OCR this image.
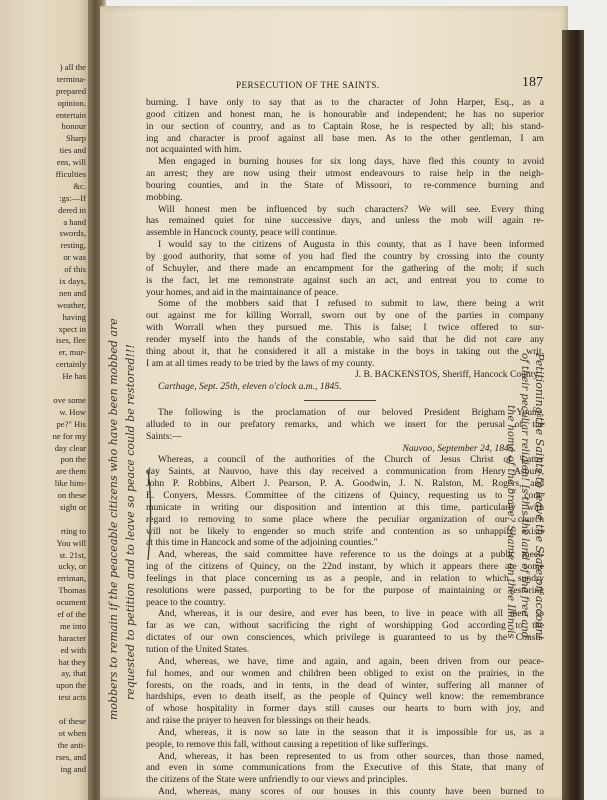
) all the
termina-
prepared
opinion.
entertain
honour
Sharp
ties and
ens, will
fficulties
&c.
:gs:—If
dered in
a hand
swords,
resting,
or was
of this
ix days,
nen and
weather,
having
xpect in
ises, flee
er, mur-
certainly
He has
ove some
w. How
pe?" His
ne for my
day clear
pon the
are them
like him-
on these
sight or
rting to
You will
st. 21st,
ucky, or
erriman,
Thomas
ocument
ef of the
me into
haracter
ed with
hat they
ay, that
upon the
test acts
of these
ot when
the anti-
rses, and
ing and
PERSECUTION OF THE SAINTS.	187
burning. I have only to say that as to the character of John Harper, Esq., as a
good citizen and honest man, he is honourable and independent; he has no superior
in our section of country, and as to Captain Rose, he is respected by all; his stand-
ing and character is proof against all base men. As to the other gentleman, I am
not acquainted with him.
Men engaged in burning houses for six long days, have fled this county to avoid
an arrest; they are now using their utmost endeavours to raise help in the neigh-
bouring counties, and in the State of Missouri, to re-commence burning and
mobbing.
Will honest men be influenced by such characters? We will see. Every thing
has remained quiet for nine successive days, and unless the mob will again re-
assemble in Hancock county, peace will continue.
I would say to the citizens of Augusta in this county, that as I have been informed
by good authority, that some of you had fled the country by crossing into the county
of Schuyler, and there made an encampment for the gathering of the mob; if such
is the fact, let me remonstrate against such an act, and entreat you to come to
your homes, and aid in the maintainance of peace.
Some of the mobbers said that I refused to submit to law, there being a writ
out against me for killing Worrall, sworn out by one of the parties in company
with Worrall when they pursued me. This is false; I twice offered to sur-
render myself into the hands of the constable, who said that he did not care any
thing about it, that he considered it all a mistake in the boys in taking out the writ.
I am at all times ready to be tried by the laws of my county.
J. B. BACKENSTOS, Sheriff, Hancock County.
Carthage, Sept. 25th, eleven o'clock a.m., 1845.
The following is the proclamation of our beloved President Brigham Young,
alluded to in our prefatory remarks, and which we insert for the perusal of the
Saints:—
Nauvoo, September 24, 1845.
Whereas, a council of the authorities of the Church of Jesus Christ of Latter
day Saints, at Nauvoo, have this day received a communication from Henry Asbury,
John P. Robbins, Albert J. Pearson, P. A. Goodwin, J. N. Ralston, M. Rogers, and
E. Conyers, Messrs. Committee of the citizens of Quincy, requesting us to " com-
municate in writing our disposition and intention at this time, particularly with
regard to removing to some place where the peculiar organization of our church
will not be likely to engender so much strife and contention as so unhappily exists
at this time in Hancock and some of the adjoining counties."
And, whereas, the said committee have reference to us the doings at a public meet-
ing of the citizens of Quincy, on the 22nd instant, by which it appears there are some
feelings in that place concerning us as a people, and in relation to which sundry
resolutions were passed, purporting to be for the purpose of maintaining or restoring
peace to the country.
And, whereas, it is our desire, and ever has been, to live in peace with all men, so
far as we can, without sacrificing the right of worshipping God according to the
dictates of our own consciences, which privilege is guaranteed to us by the Consti-
tution of the United States.
And, whereas, we have, time and again, and again, been driven from our peace-
ful homes, and our women and children been obliged to exist on the prairies, in the
forests, on the roads, and in tents, in the dead of winter, suffering all manner of
hardships, even to death itself, as the people of Quincy well know: the remembrance
of whose hospitality in former days still causes our hearts to burn with joy, and
and raise the prayer to heaven for blessings on their heads.
And, whereas, it is now so late in the season that it is impossible for us, as a
people, to remove this fall, without causing a repetition of like sufferings.
And, whereas, it has been represented to us from other sources, than those named,
and even in some communications from the Executive of this State, that many of
the citizens of the State were unfriendly to our views and principles.
And, whereas, many scores of our houses in this county have been burned to
mobbers to remain if the peaceable citizens who have been mobbed are requested to petition and to leave so peace could be restored!!!	Petitioning the Saints to leave the State on account
of their peculiar religion! Is this the land of the free and
the home of the brave? Shame on thee Illinois
